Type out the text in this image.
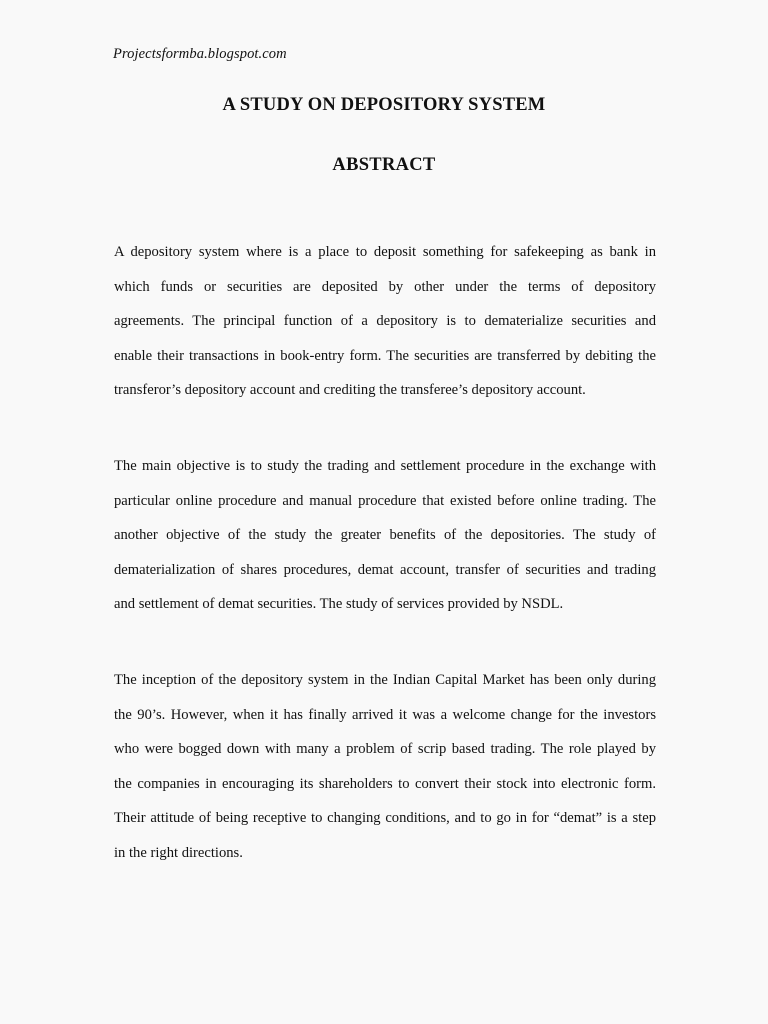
Projectsformba.blogspot.com
A STUDY ON DEPOSITORY SYSTEM
ABSTRACT
A depository system where is a place to deposit something for safekeeping as bank in
which funds or securities are deposited by other under the terms of depository
agreements. The principal function of a depository is to dematerialize securities and
enable their transactions in book-entry form. The securities are transferred by debiting the
transferor’s depository account and crediting the transferee’s depository account.
The main objective is to study the trading and settlement procedure in the exchange with
particular online procedure and manual procedure that existed before online trading. The
another objective of the study the greater benefits of the depositories. The study of
dematerialization of shares procedures, demat account, transfer of securities and trading
and settlement of demat securities. The study of services provided by NSDL.
The inception of the depository system in the Indian Capital Market has been only during
the 90’s. However, when it has finally arrived it was a welcome change for the investors
who were bogged down with many a problem of scrip based trading. The role played by
the companies in encouraging its shareholders to convert their stock into electronic form.
Their attitude of being receptive to changing conditions, and to go in for “demat” is a step
in the right directions.
